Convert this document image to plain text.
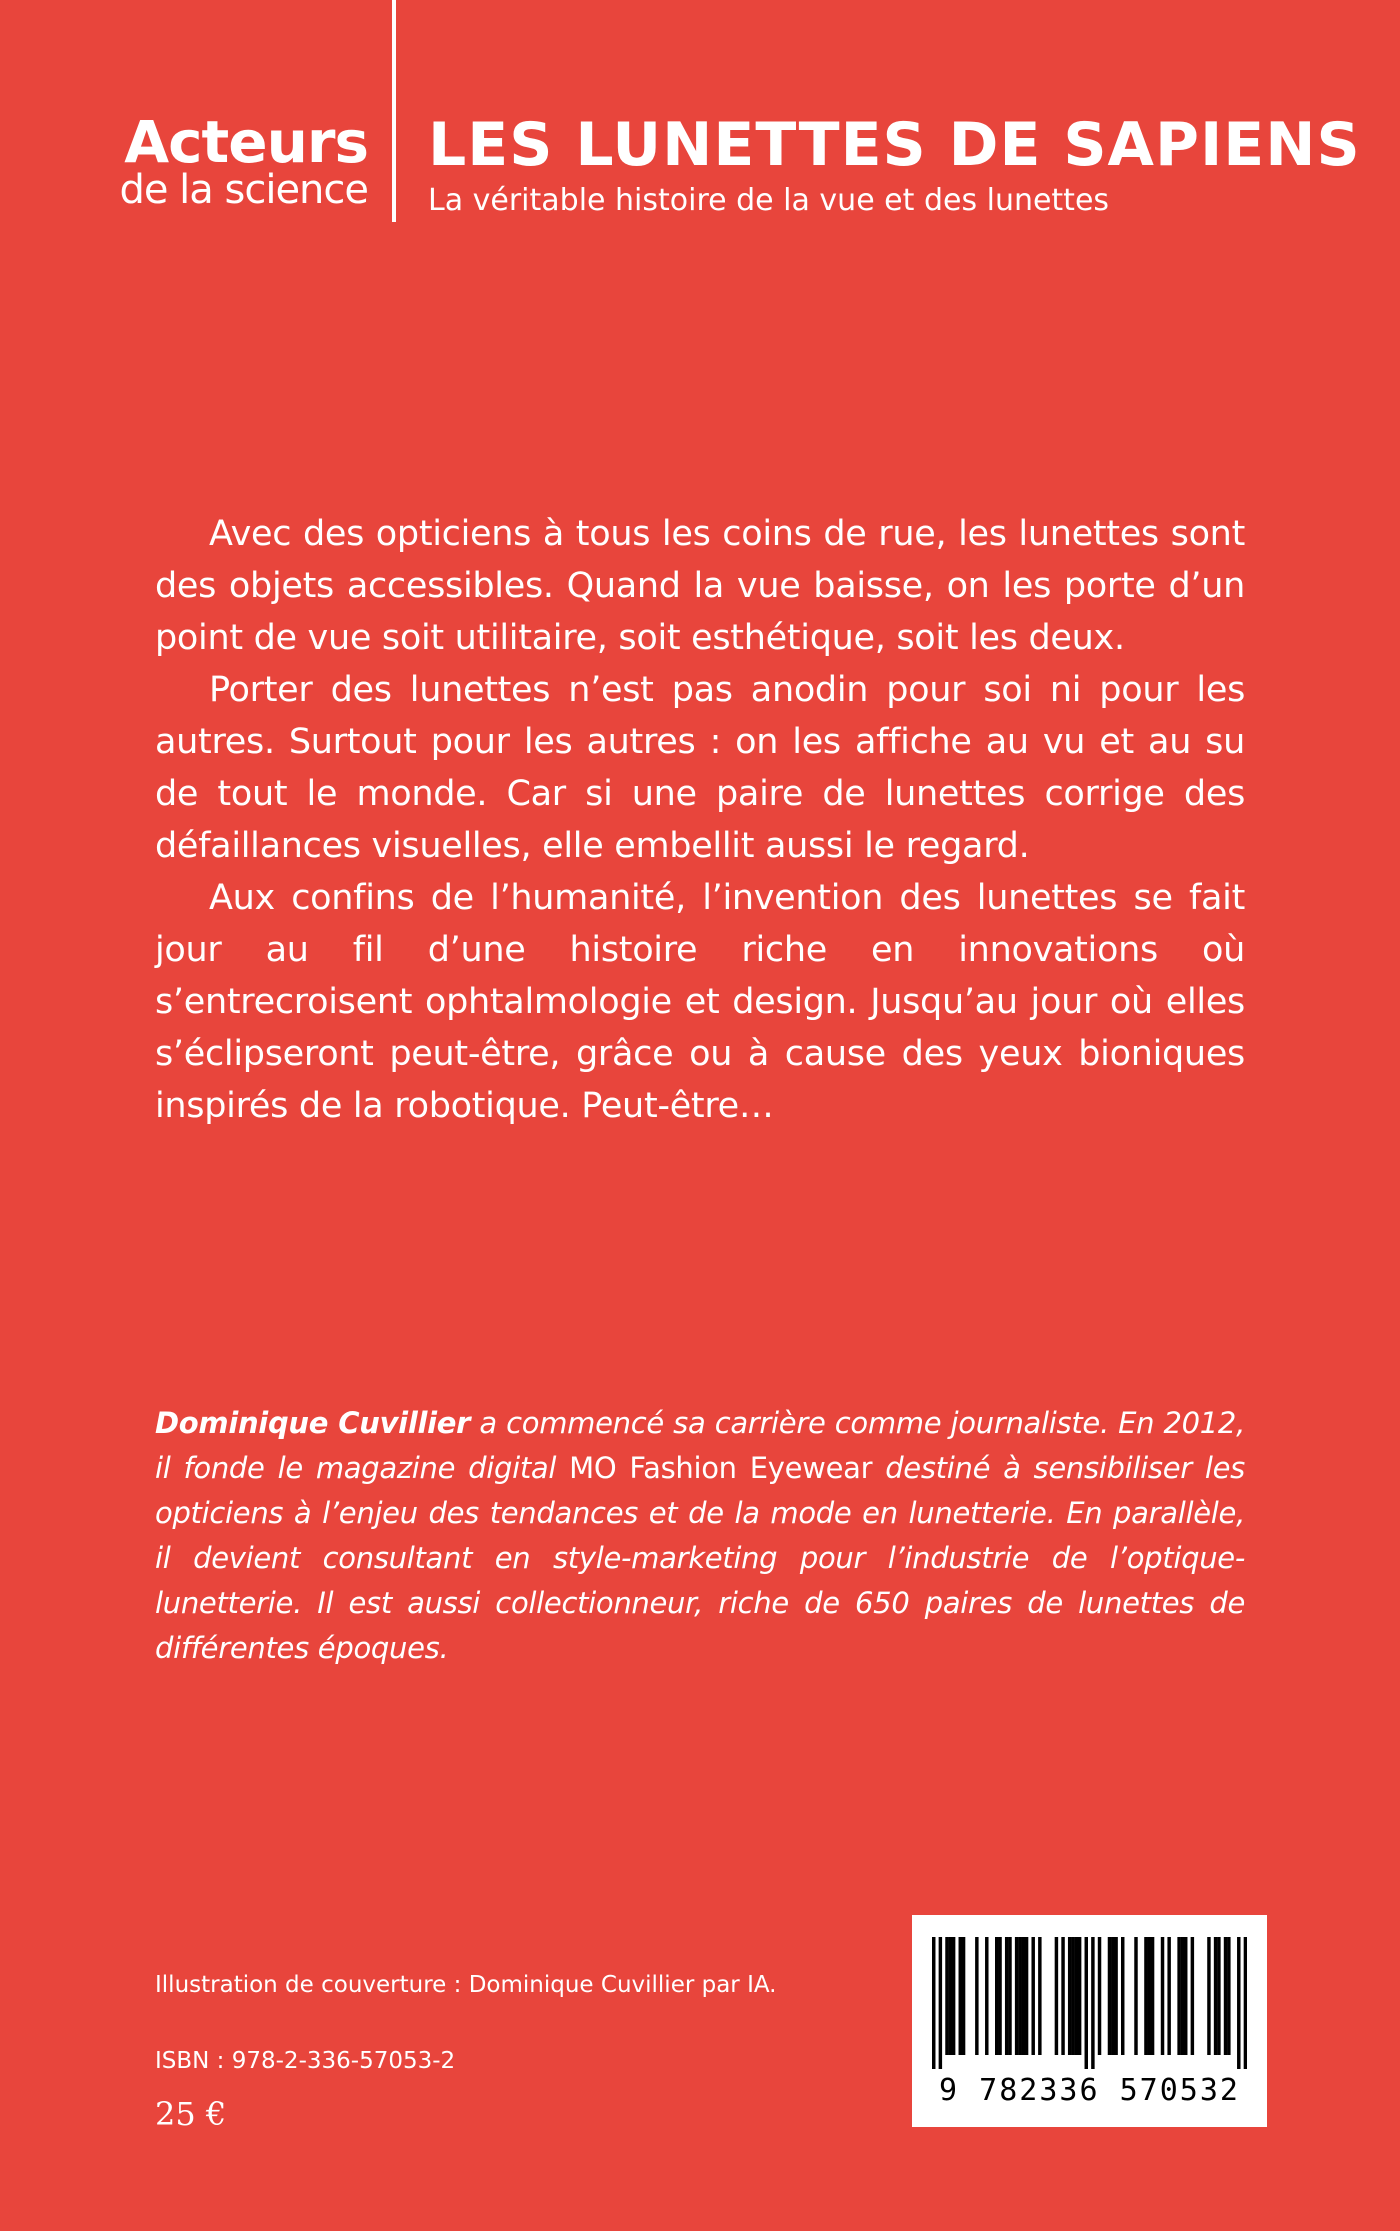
Acteurs
de la science
LES LUNETTES DE SAPIENS
La véritable histoire de la vue et des lunettes

Avec des opticiens à tous les coins de rue, les lunettes sont des objets accessibles. Quand la vue baisse, on les porte d’un point de vue soit utilitaire, soit esthétique, soit les deux.

Porter des lunettes n’est pas anodin pour soi ni pour les autres. Surtout pour les autres : on les affiche au vu et au su de tout le monde. Car si une paire de lunettes corrige des défaillances visuelles, elle embellit aussi le regard.

Aux confins de l’humanité, l’invention des lunettes se fait jour au fil d’une histoire riche en innovations où s’entrecroisent ophtalmologie et design. Jusqu’au jour où elles s’éclipseront peut-être, grâce ou à cause des yeux bioniques inspirés de la robotique. Peut-être…

Dominique Cuvillier a commencé sa carrière comme journaliste. En 2012, il fonde le magazine digital MO Fashion Eyewear destiné à sensibiliser les opticiens à l’enjeu des tendances et de la mode en lunetterie. En parallèle, il devient consultant en style-marketing pour l’industrie de l’optique-lunetterie. Il est aussi collectionneur, riche de 650 paires de lunettes de différentes époques.
Illustration de couverture : Dominique Cuvillier par IA.
ISBN : 978-2-336-57053-2
25 €
9 782336 570532
